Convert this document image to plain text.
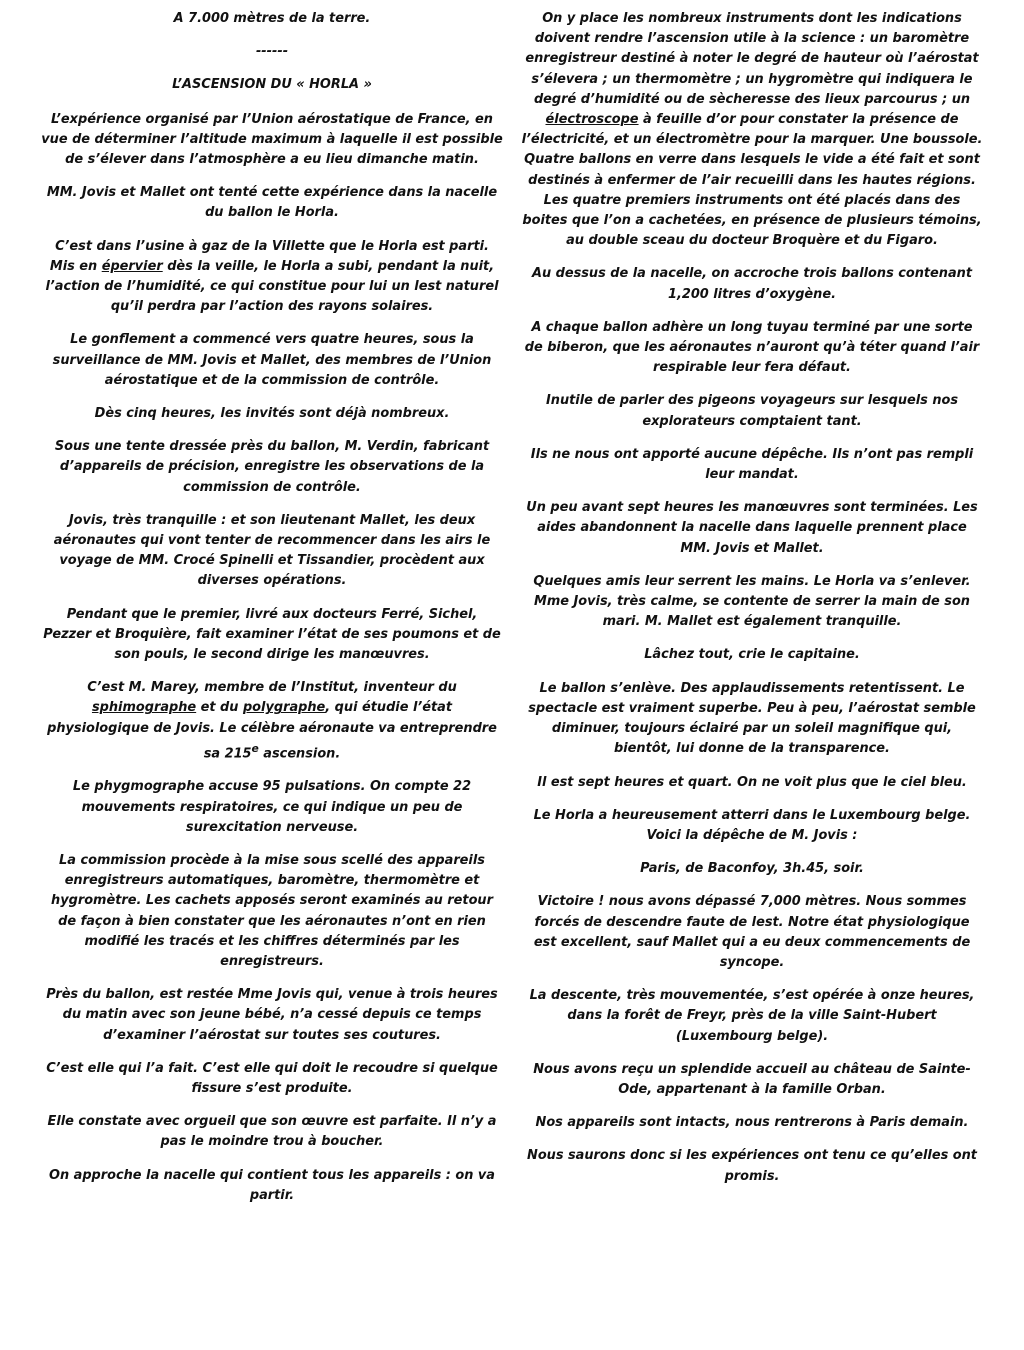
A 7.000 mètres de la terre.

------

L’ASCENSION DU « HORLA »

L’expérience organisé par l’Union aérostatique de France, en vue de déterminer l’altitude maximum à laquelle il est possible de s’élever dans l’atmosphère a eu lieu dimanche matin.

MM. Jovis et Mallet ont tenté cette expérience dans la nacelle du ballon le Horla.

C’est dans l’usine à gaz de la Villette que le Horla est parti. Mis en épervier dès la veille, le Horla a subi, pendant la nuit, l’action de l’humidité, ce qui constitue pour lui un lest naturel qu’il perdra par l’action des rayons solaires.

Le gonflement a commencé vers quatre heures, sous la surveillance de MM. Jovis et Mallet, des membres de l’Union aérostatique et de la commission de contrôle.

Dès cinq heures, les invités sont déjà nombreux.

Sous une tente dressée près du ballon, M. Verdin, fabricant d’appareils de précision, enregistre les observations de la commission de contrôle.

Jovis, très tranquille : et son lieutenant Mallet, les deux aéronautes qui vont tenter de recommencer dans les airs le voyage de MM. Crocé Spinelli et Tissandier, procèdent aux diverses opérations.

Pendant que le premier, livré aux docteurs Ferré, Sichel, Pezzer et Broquière, fait examiner l’état de ses poumons et de son pouls, le second dirige les manœuvres.

C’est M. Marey, membre de l’Institut, inventeur du sphimographe et du polygraphe, qui étudie l’état physiologique de Jovis. Le célèbre aéronaute va entreprendre sa 215e ascension.

Le phygmographe accuse 95 pulsations. On compte 22 mouvements respiratoires, ce qui indique un peu de surexcitation nerveuse.

La commission procède à la mise sous scellé des appareils enregistreurs automatiques, baromètre, thermomètre et hygromètre. Les cachets apposés seront examinés au retour de façon à bien constater que les aéronautes n’ont en rien modifié les tracés et les chiffres déterminés par les enregistreurs.

Près du ballon, est restée Mme Jovis qui, venue à trois heures du matin avec son jeune bébé, n’a cessé depuis ce temps d’examiner l’aérostat sur toutes ses coutures.

C’est elle qui l’a fait. C’est elle qui doit le recoudre si quelque fissure s’est produite.

Elle constate avec orgueil que son œuvre est parfaite. Il n’y a pas le moindre trou à boucher.

On approche la nacelle qui contient tous les appareils : on va partir.

On y place les nombreux instruments dont les indications doivent rendre l’ascension utile à la science : un baromètre enregistreur destiné à noter le degré de hauteur où l’aérostat s’élevera ; un thermomètre ; un hygromètre qui indiquera le degré d’humidité ou de sècheresse des lieux parcourus ; un électroscope à feuille d’or pour constater la présence de l’électricité, et un électromètre pour la marquer. Une boussole. Quatre ballons en verre dans lesquels le vide a été fait et sont destinés à enfermer de l’air recueilli dans les hautes régions. Les quatre premiers instruments ont été placés dans des boites que l’on a cachetées, en présence de plusieurs témoins, au double sceau du docteur Broquère et du Figaro.

Au dessus de la nacelle, on accroche trois ballons contenant 1,200 litres d’oxygène.

A chaque ballon adhère un long tuyau terminé par une sorte de biberon, que les aéronautes n’auront qu’à téter quand l’air respirable leur fera défaut.

Inutile de parler des pigeons voyageurs sur lesquels nos explorateurs comptaient tant.

Ils ne nous ont apporté aucune dépêche. Ils n’ont pas rempli leur mandat.

Un peu avant sept heures les manœuvres sont terminées. Les aides abandonnent la nacelle dans laquelle prennent place MM. Jovis et Mallet.

Quelques amis leur serrent les mains. Le Horla va s’enlever. Mme Jovis, très calme, se contente de serrer la main de son mari. M. Mallet est également tranquille.

Lâchez tout, crie le capitaine.

Le ballon s’enlève. Des applaudissements retentissent. Le spectacle est vraiment superbe. Peu à peu, l’aérostat semble diminuer, toujours éclairé par un soleil magnifique qui, bientôt, lui donne de la transparence.

Il est sept heures et quart. On ne voit plus que le ciel bleu.

Le Horla a heureusement atterri dans le Luxembourg belge. Voici la dépêche de M. Jovis :

Paris, de Baconfoy, 3h.45, soir.

Victoire ! nous avons dépassé 7,000 mètres. Nous sommes forcés de descendre faute de lest. Notre état physiologique est excellent, sauf Mallet qui a eu deux commencements de syncope.

La descente, très mouvementée, s’est opérée à onze heures, dans la forêt de Freyr, près de la ville Saint-Hubert (Luxembourg belge).

Nous avons reçu un splendide accueil au château de Sainte-Ode, appartenant à la famille Orban.

Nos appareils sont intacts, nous rentrerons à Paris demain.

Nous saurons donc si les expériences ont tenu ce qu’elles ont promis.
